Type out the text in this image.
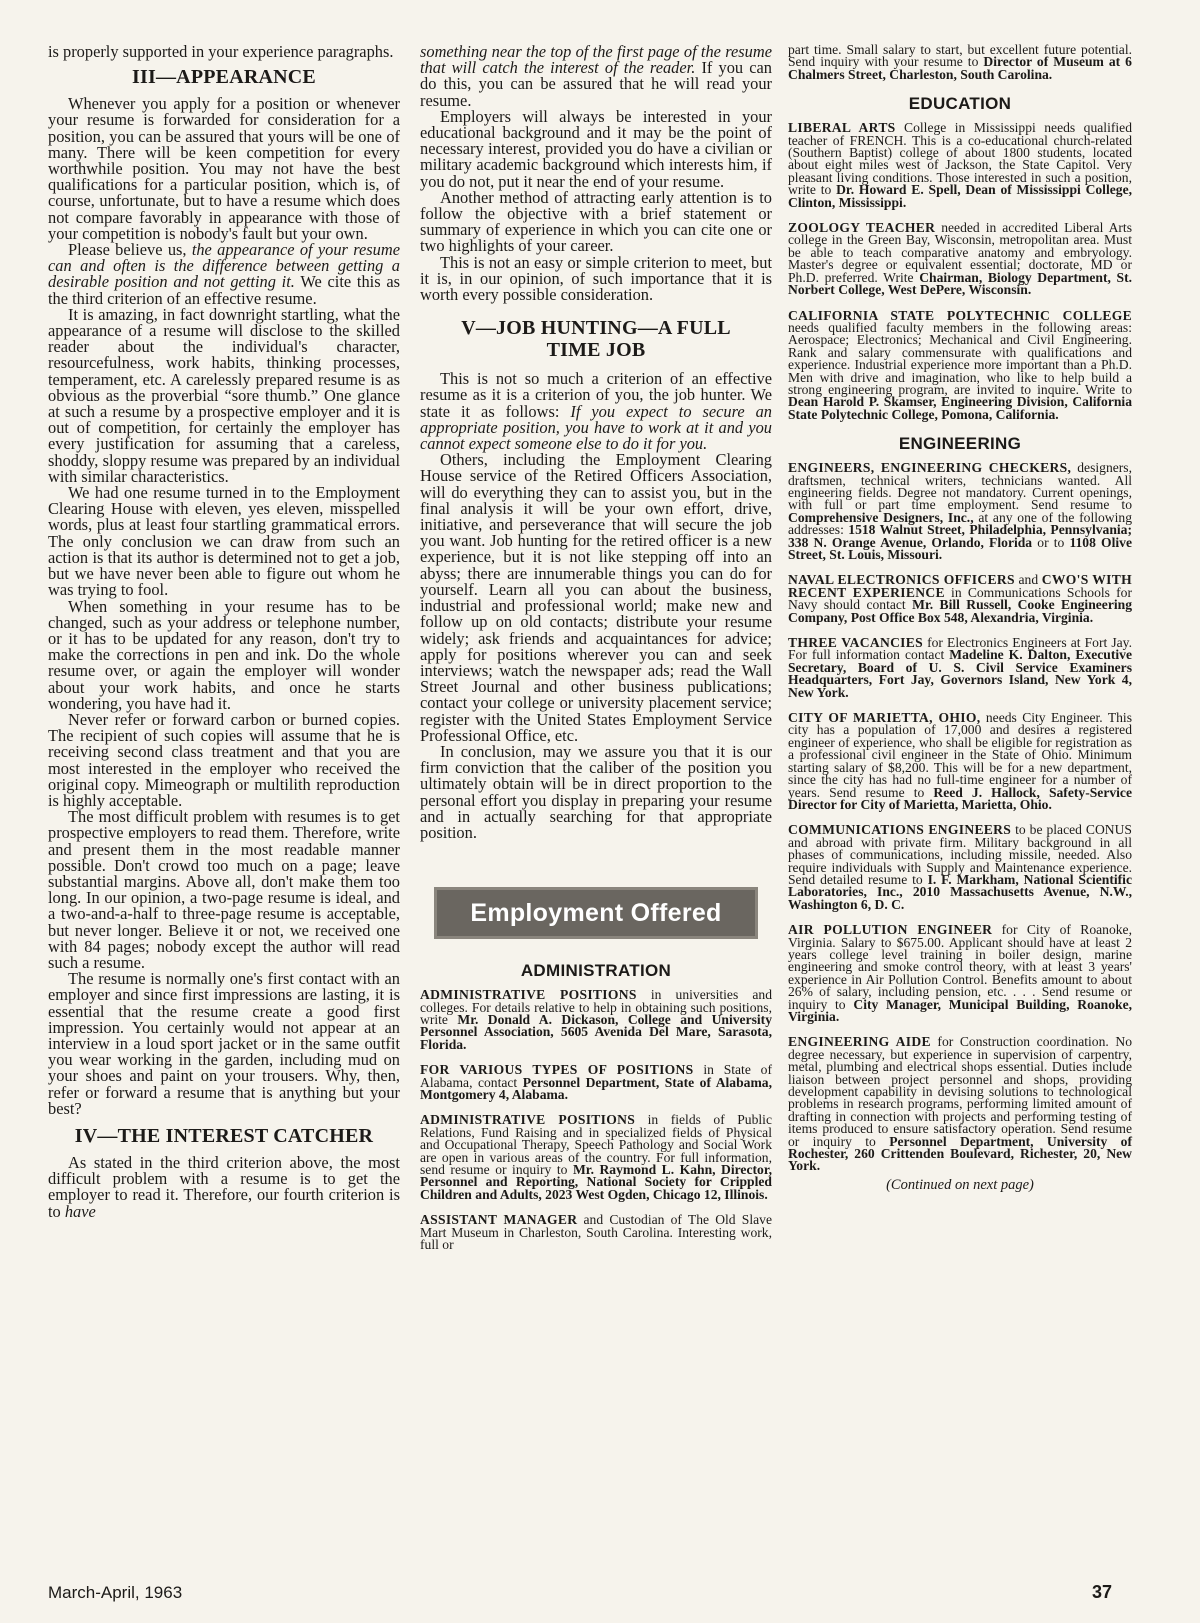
is properly supported in your experience paragraphs.

III—APPEARANCE

Whenever you apply for a position or whenever your resume is forwarded for consideration for a position, you can be assured that yours will be one of many. There will be keen competition for every worthwhile position. You may not have the best qualifications for a particular position, which is, of course, unfortunate, but to have a resume which does not compare favorably in appearance with those of your competition is nobody's fault but your own.

Please believe us, the appearance of your resume can and often is the difference between getting a desirable position and not getting it. We cite this as the third criterion of an effective resume.

It is amazing, in fact downright startling, what the appearance of a resume will disclose to the skilled reader about the individual's character, resourcefulness, work habits, thinking processes, temperament, etc. A carelessly prepared resume is as obvious as the proverbial “sore thumb.” One glance at such a resume by a prospective employer and it is out of competition, for certainly the employer has every justification for assuming that a careless, shoddy, sloppy resume was prepared by an individual with similar characteristics.

We had one resume turned in to the Employment Clearing House with eleven, yes eleven, misspelled words, plus at least four startling grammatical errors. The only conclusion we can draw from such an action is that its author is determined not to get a job, but we have never been able to figure out whom he was trying to fool.

When something in your resume has to be changed, such as your address or telephone number, or it has to be updated for any reason, don't try to make the corrections in pen and ink. Do the whole resume over, or again the employer will wonder about your work habits, and once he starts wondering, you have had it.

Never refer or forward carbon or burned copies. The recipient of such copies will assume that he is receiving second class treatment and that you are most interested in the employer who received the original copy. Mimeograph or multilith reproduction is highly acceptable.

The most difficult problem with resumes is to get prospective employers to read them. Therefore, write and present them in the most readable manner possible. Don't crowd too much on a page; leave substantial margins. Above all, don't make them too long. In our opinion, a two-page resume is ideal, and a two-and-a-half to three-page resume is acceptable, but never longer. Believe it or not, we received one with 84 pages; nobody except the author will read such a resume.

The resume is normally one's first contact with an employer and since first impressions are lasting, it is essential that the resume create a good first impression. You certainly would not appear at an interview in a loud sport jacket or in the same outfit you wear working in the garden, including mud on your shoes and paint on your trousers. Why, then, refer or forward a resume that is anything but your best?

IV—THE INTEREST CATCHER

As stated in the third criterion above, the most difficult problem with a resume is to get the employer to read it. Therefore, our fourth criterion is to have

something near the top of the first page of the resume that will catch the interest of the reader. If you can do this, you can be assured that he will read your resume.

Employers will always be interested in your educational background and it may be the point of necessary interest, provided you do have a civilian or military academic background which interests him, if you do not, put it near the end of your resume.

Another method of attracting early attention is to follow the objective with a brief statement or summary of experience in which you can cite one or two highlights of your career.

This is not an easy or simple criterion to meet, but it is, in our opinion, of such importance that it is worth every possible consideration.

V—JOB HUNTING—A FULL TIME JOB

This is not so much a criterion of an effective resume as it is a criterion of you, the job hunter. We state it as follows: If you expect to secure an appropriate position, you have to work at it and you cannot expect someone else to do it for you.

Others, including the Employment Clearing House service of the Retired Officers Association, will do everything they can to assist you, but in the final analysis it will be your own effort, drive, initiative, and perseverance that will secure the job you want. Job hunting for the retired officer is a new experience, but it is not like stepping off into an abyss; there are innumerable things you can do for yourself. Learn all you can about the business, industrial and professional world; make new and follow up on old contacts; distribute your resume widely; ask friends and acquaintances for advice; apply for positions wherever you can and seek interviews; watch the newspaper ads; read the Wall Street Journal and other business publications; contact your college or university placement service; register with the United States Employment Service Professional Office, etc.

In conclusion, may we assure you that it is our firm conviction that the caliber of the position you ultimately obtain will be in direct proportion to the personal effort you display in preparing your resume and in actually searching for that appropriate position.

Employment Offered
ADMINISTRATION

ADMINISTRATIVE POSITIONS in universities and colleges. For details relative to help in obtaining such positions, write Mr. Donald A. Dickason, College and University Personnel Association, 5605 Avenida Del Mare, Sarasota, Florida.

FOR VARIOUS TYPES OF POSITIONS in State of Alabama, contact Personnel Department, State of Alabama, Montgomery 4, Alabama.

ADMINISTRATIVE POSITIONS in fields of Public Relations, Fund Raising and in specialized fields of Physical and Occupational Therapy, Speech Pathology and Social Work are open in various areas of the country. For full information, send resume or inquiry to Mr. Raymond L. Kahn, Director, Personnel and Reporting, National Society for Crippled Children and Adults, 2023 West Ogden, Chicago 12, Illinois.

ASSISTANT MANAGER and Custodian of The Old Slave Mart Museum in Charleston, South Carolina. Interesting work, full or

part time. Small salary to start, but excellent future potential. Send inquiry with your resume to Director of Museum at 6 Chalmers Street, Charleston, South Carolina.

EDUCATION

LIBERAL ARTS College in Mississippi needs qualified teacher of FRENCH. This is a co-educational church-related (Southern Baptist) college of about 1800 students, located about eight miles west of Jackson, the State Capitol. Very pleasant living conditions. Those interested in such a position, write to Dr. Howard E. Spell, Dean of Mississippi College, Clinton, Mississippi.

ZOOLOGY TEACHER needed in accredited Liberal Arts college in the Green Bay, Wisconsin, metropolitan area. Must be able to teach comparative anatomy and embryology. Master's degree or equivalent essential; doctorate, MD or Ph.D. preferred. Write Chairman, Biology Department, St. Norbert College, West DePere, Wisconsin.

CALIFORNIA STATE POLYTECHNIC COLLEGE needs qualified faculty members in the following areas: Aerospace; Electronics; Mechanical and Civil Engineering. Rank and salary commensurate with qualifications and experience. Industrial experience more important than a Ph.D. Men with drive and imagination, who like to help build a strong engineering program, are invited to inquire. Write to Dean Harold P. Skamser, Engineering Division, California State Polytechnic College, Pomona, California.

ENGINEERING

ENGINEERS, ENGINEERING CHECKERS, designers, draftsmen, technical writers, technicians wanted. All engineering fields. Degree not mandatory. Current openings, with full or part time employment. Send resume to Comprehensive Designers, Inc., at any one of the following addresses: 1518 Walnut Street, Philadelphia, Pennsylvania; 338 N. Orange Avenue, Orlando, Florida or to 1108 Olive Street, St. Louis, Missouri.

NAVAL ELECTRONICS OFFICERS and CWO'S WITH RECENT EXPERIENCE in Communications Schools for Navy should contact Mr. Bill Russell, Cooke Engineering Company, Post Office Box 548, Alexandria, Virginia.

THREE VACANCIES for Electronics Engineers at Fort Jay. For full information contact Madeline K. Dalton, Executive Secretary, Board of U. S. Civil Service Examiners Headquarters, Fort Jay, Governors Island, New York 4, New York.

CITY OF MARIETTA, OHIO, needs City Engineer. This city has a population of 17,000 and desires a registered engineer of experience, who shall be eligible for registration as a professional civil engineer in the State of Ohio. Minimum starting salary of $8,200. This will be for a new department, since the city has had no full-time engineer for a number of years. Send resume to Reed J. Hallock, Safety-Service Director for City of Marietta, Marietta, Ohio.

COMMUNICATIONS ENGINEERS to be placed CONUS and abroad with private firm. Military background in all phases of communications, including missile, needed. Also require individuals with Supply and Maintenance experience. Send detailed resume to I. F. Markham, National Scientific Laboratories, Inc., 2010 Massachusetts Avenue, N.W., Washington 6, D. C.

AIR POLLUTION ENGINEER for City of Roanoke, Virginia. Salary to $675.00. Applicant should have at least 2 years college level training in boiler design, marine engineering and smoke control theory, with at least 3 years' experience in Air Pollution Control. Benefits amount to about 26% of salary, including pension, etc. . . . Send resume or inquiry to City Manager, Municipal Building, Roanoke, Virginia.

ENGINEERING AIDE for Construction coordination. No degree necessary, but experience in supervision of carpentry, metal, plumbing and electrical shops essential. Duties include liaison between project personnel and shops, providing development capability in devising solutions to technological problems in research programs, performing limited amount of drafting in connection with projects and performing testing of items produced to ensure satisfactory operation. Send resume or inquiry to Personnel Department, University of Rochester, 260 Crittenden Boulevard, Richester, 20, New York.

(Continued on next page)
March-April, 1963	37
